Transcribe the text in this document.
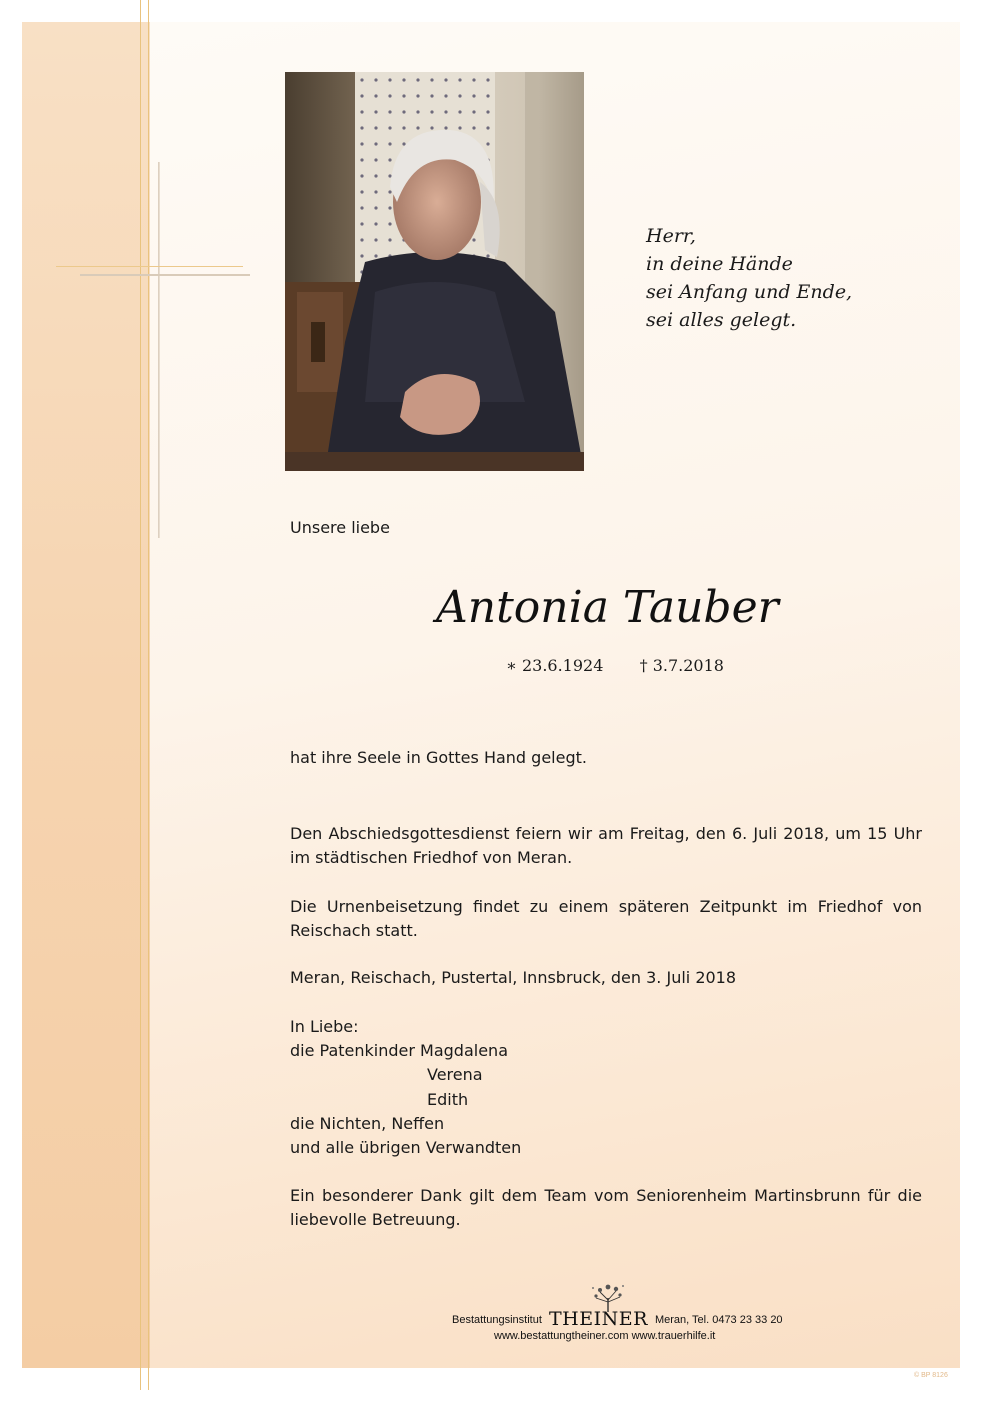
Herr,
in deine Hände
sei Anfang und Ende,
sei alles gelegt.
Unsere liebe
Antonia Tauber
∗ 23.6.1924 † 3.7.2018
hat ihre Seele in Gottes Hand gelegt.
Den Abschiedsgottesdienst feiern wir am Freitag, den 6. Juli 2018, um 15 Uhr im städtischen Friedhof von Meran.
Die Urnenbeisetzung findet zu einem späteren Zeitpunkt im Friedhof von Reischach statt.
Meran, Reischach, Pustertal, Innsbruck, den 3. Juli 2018
In Liebe:
die Patenkinder Magdalena
Verena
Edith
die Nichten, Neffen
und alle übrigen Verwandten
Ein besonderer Dank gilt dem Team vom Seniorenheim Martinsbrunn für die liebevolle Betreuung.
Bestattungsinstitut THEINER Meran, Tel. 0473 23 33 20
www.bestattungtheiner.com www.trauerhilfe.it
© BP 8126
